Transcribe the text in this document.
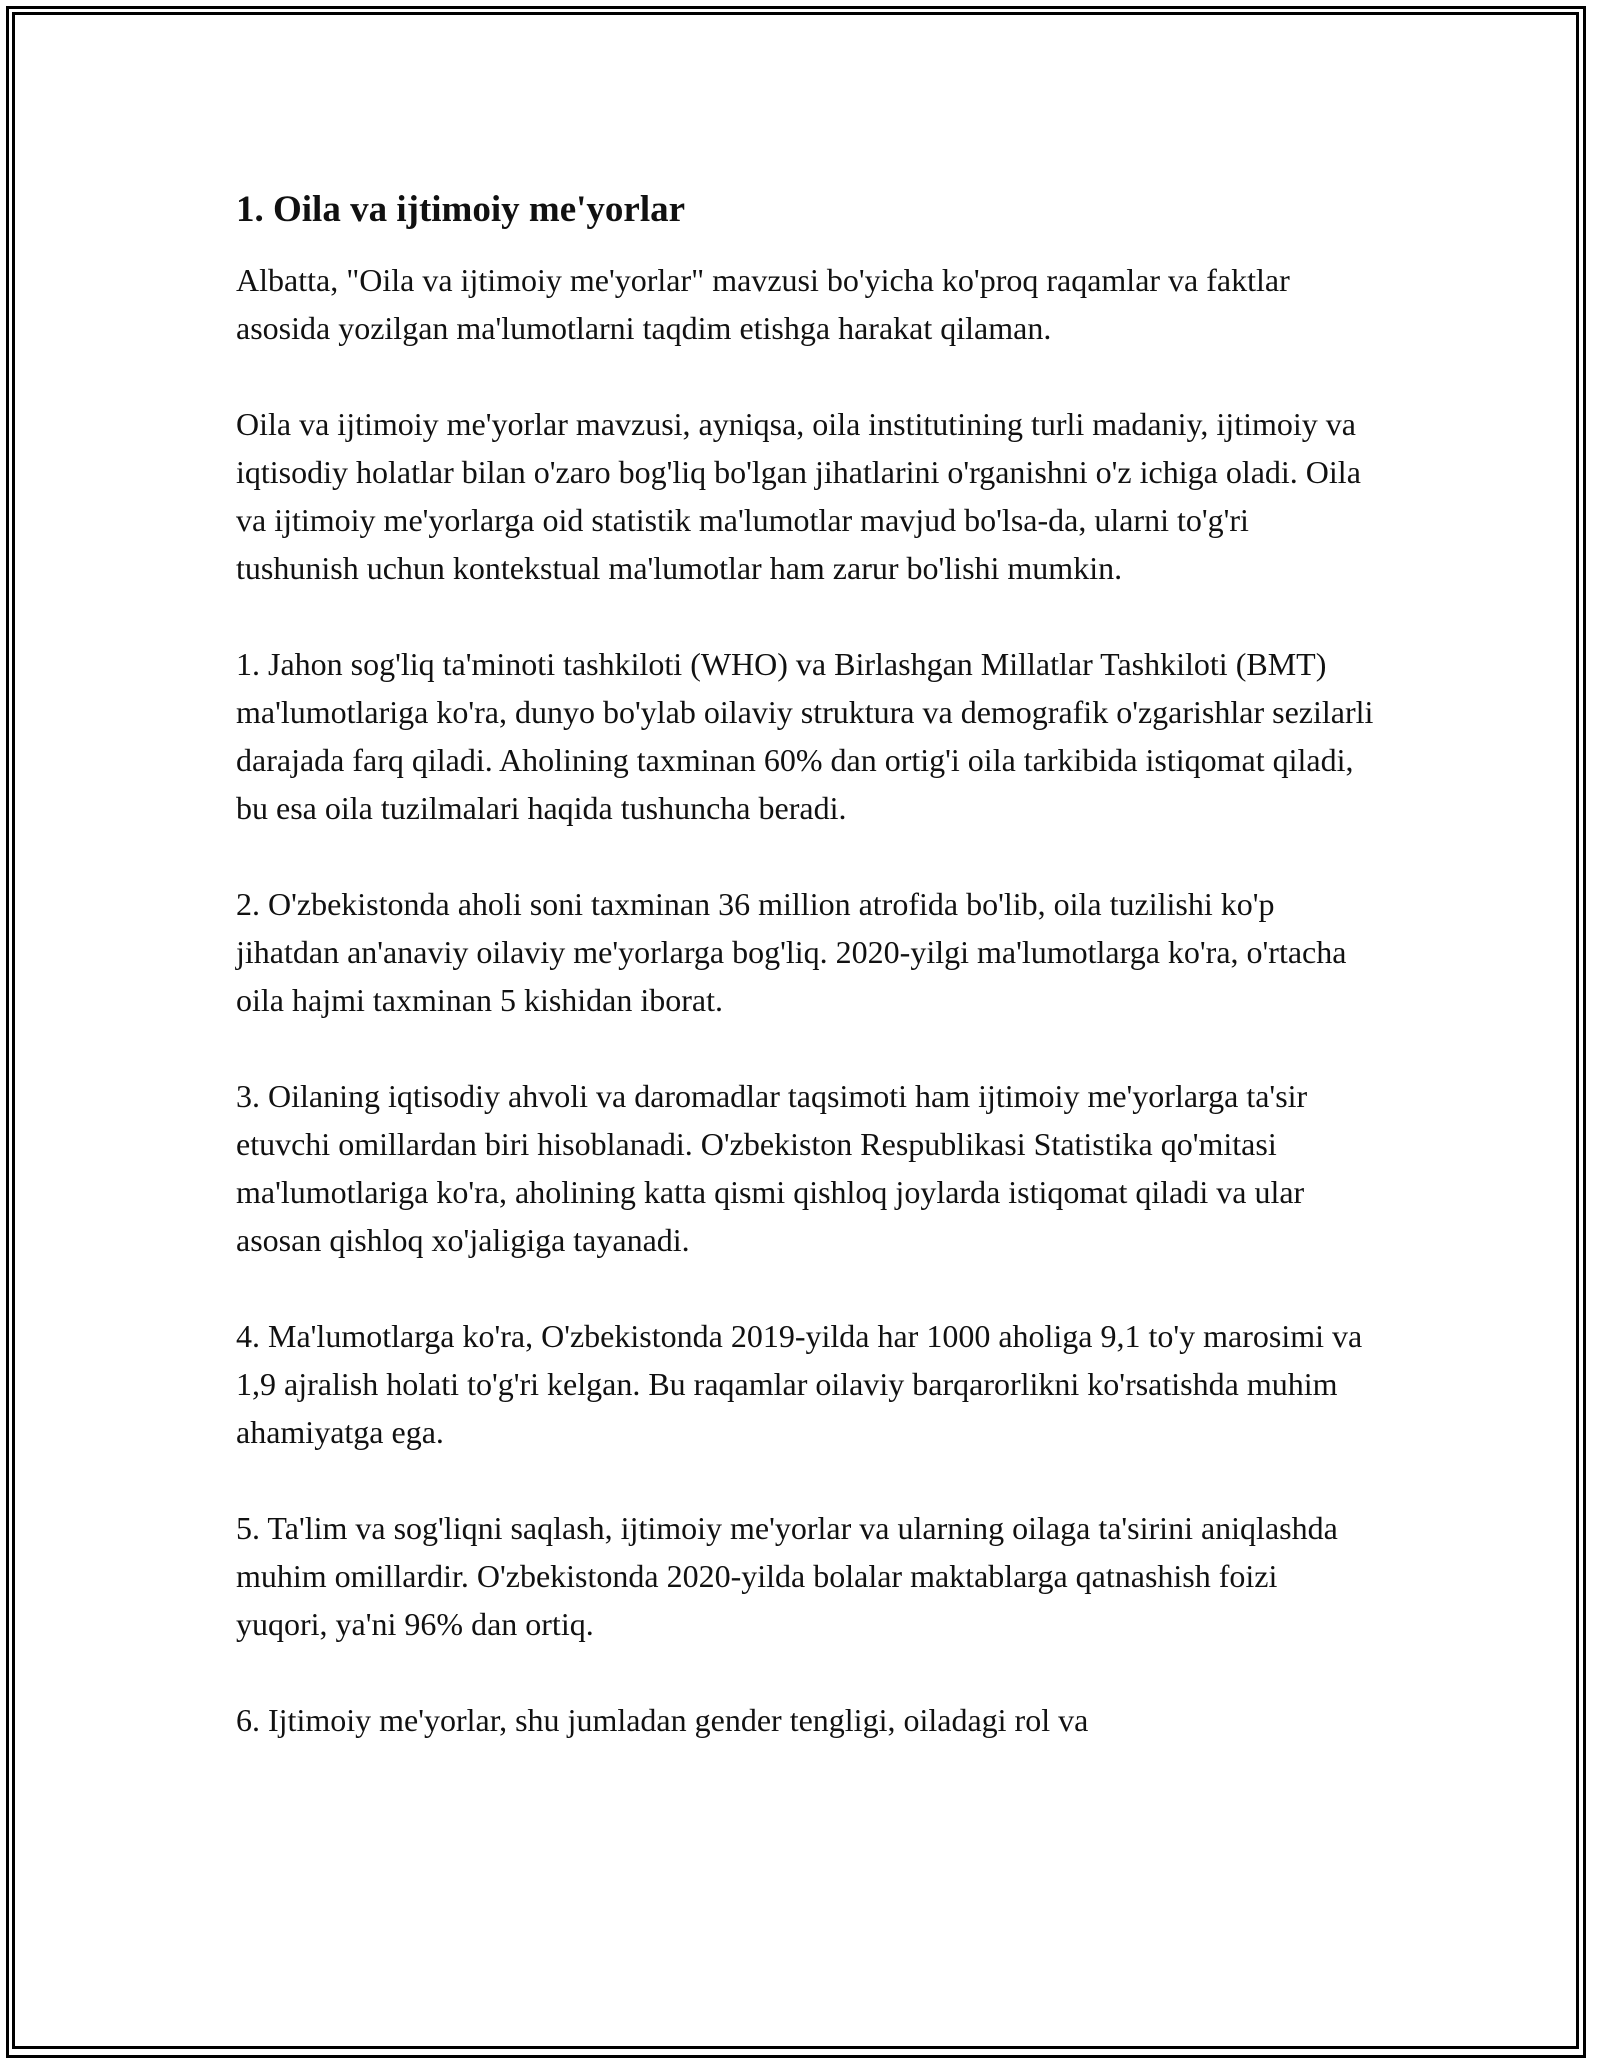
1. Oila va ijtimoiy me'yorlar

Albatta, "Oila va ijtimoiy me'yorlar" mavzusi bo'yicha ko'proq raqamlar va faktlar asosida yozilgan ma'lumotlarni taqdim etishga harakat qilaman.

Oila va ijtimoiy me'yorlar mavzusi, ayniqsa, oila institutining turli madaniy, ijtimoiy va iqtisodiy holatlar bilan o'zaro bog'liq bo'lgan jihatlarini o'rganishni o'z ichiga oladi. Oila va ijtimoiy me'yorlarga oid statistik ma'lumotlar mavjud bo'lsa-da, ularni to'g'ri tushunish uchun kontekstual ma'lumotlar ham zarur bo'lishi mumkin.

1. Jahon sog'liq ta'minoti tashkiloti (WHO) va Birlashgan Millatlar Tashkiloti (BMT) ma'lumotlariga ko'ra, dunyo bo'ylab oilaviy struktura va demografik o'zgarishlar sezilarli darajada farq qiladi. Aholining taxminan 60% dan ortig'i oila tarkibida istiqomat qiladi, bu esa oila tuzilmalari haqida tushuncha beradi.

2. O'zbekistonda aholi soni taxminan 36 million atrofida bo'lib, oila tuzilishi ko'p jihatdan an'anaviy oilaviy me'yorlarga bog'liq. 2020-yilgi ma'lumotlarga ko'ra, o'rtacha oila hajmi taxminan 5 kishidan iborat.

3. Oilaning iqtisodiy ahvoli va daromadlar taqsimoti ham ijtimoiy me'yorlarga ta'sir etuvchi omillardan biri hisoblanadi. O'zbekiston Respublikasi Statistika qo'mitasi ma'lumotlariga ko'ra, aholining katta qismi qishloq joylarda istiqomat qiladi va ular asosan qishloq xo'jaligiga tayanadi.

4. Ma'lumotlarga ko'ra, O'zbekistonda 2019-yilda har 1000 aholiga 9,1 to'y marosimi va 1,9 ajralish holati to'g'ri kelgan. Bu raqamlar oilaviy barqarorlikni ko'rsatishda muhim ahamiyatga ega.

5. Ta'lim va sog'liqni saqlash, ijtimoiy me'yorlar va ularning oilaga ta'sirini aniqlashda muhim omillardir. O'zbekistonda 2020-yilda bolalar maktablarga qatnashish foizi yuqori, ya'ni 96% dan ortiq.

6. Ijtimoiy me'yorlar, shu jumladan gender tengligi, oiladagi rol va
